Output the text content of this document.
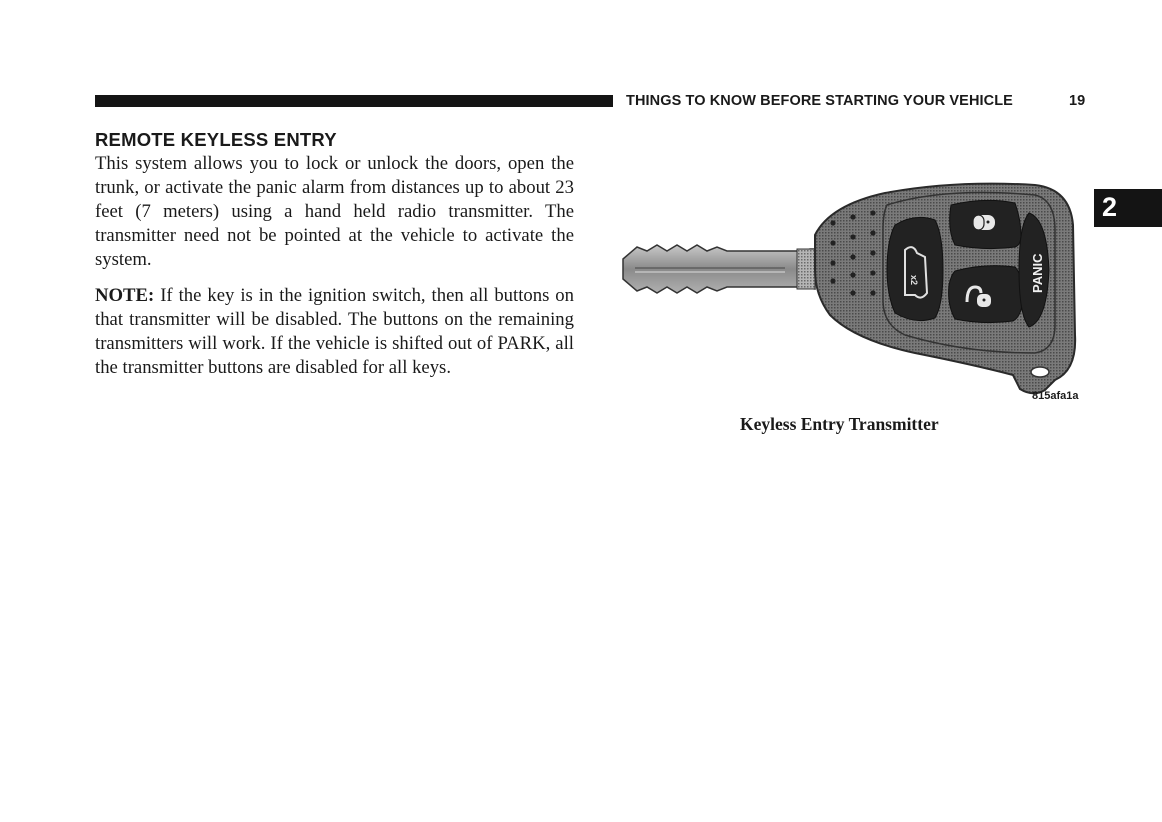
THINGS TO KNOW BEFORE STARTING YOUR VEHICLE	19
2
REMOTE KEYLESS ENTRY

This system allows you to lock or unlock the doors, open the trunk, or activate the panic alarm from distances up to about 23 feet (7 meters) using a hand held radio transmitter. The transmitter need not be pointed at the vehicle to activate the system.

NOTE: If the key is in the ignition switch, then all buttons on that transmitter will be disabled. The buttons on the remaining transmitters will work. If the vehicle is shifted out of PARK, all the transmitter buttons are disabled for all keys.

x2	PANIC
815afa1a
Keyless Entry Transmitter
